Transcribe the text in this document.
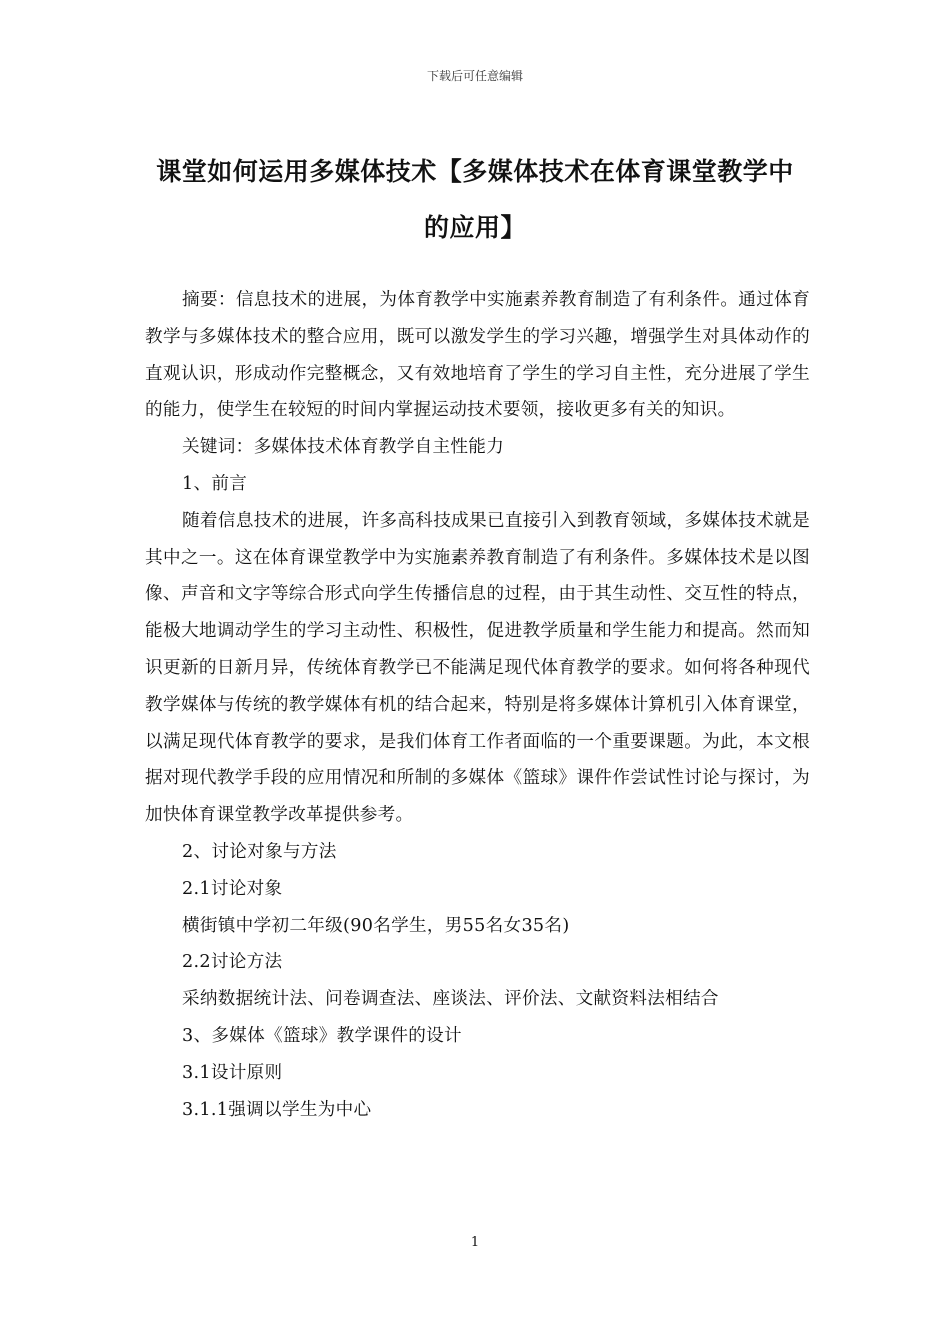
下载后可任意编辑
课堂如何运用多媒体技术【多媒体技术在体育课堂教学中
的应用】

摘要：信息技术的进展，为体育教学中实施素养教育制造了有利条件。通过体育教学与多媒体技术的整合应用，既可以激发学生的学习兴趣，增强学生对具体动作的直观认识，形成动作完整概念，又有效地培育了学生的学习自主性，充分进展了学生的能力，使学生在较短的时间内掌握运动技术要领，接收更多有关的知识。

关键词：多媒体技术体育教学自主性能力

1、前言

随着信息技术的进展，许多高科技成果已直接引入到教育领域，多媒体技术就是其中之一。这在体育课堂教学中为实施素养教育制造了有利条件。多媒体技术是以图像、声音和文字等综合形式向学生传播信息的过程，由于其生动性、交互性的特点，能极大地调动学生的学习主动性、积极性，促进教学质量和学生能力和提高。然而知识更新的日新月异，传统体育教学已不能满足现代体育教学的要求。如何将各种现代教学媒体与传统的教学媒体有机的结合起来，特别是将多媒体计算机引入体育课堂，以满足现代体育教学的要求，是我们体育工作者面临的一个重要课题。为此，本文根据对现代教学手段的应用情况和所制的多媒体《篮球》课件作尝试性讨论与探讨，为加快体育课堂教学改革提供参考。

2、讨论对象与方法

2.1讨论对象

横街镇中学初二年级(90名学生，男55名女35名)

2.2讨论方法

采纳数据统计法、问卷调查法、座谈法、评价法、文献资料法相结合

3、多媒体《篮球》教学课件的设计

3.1设计原则

3.1.1强调以学生为中心

1
